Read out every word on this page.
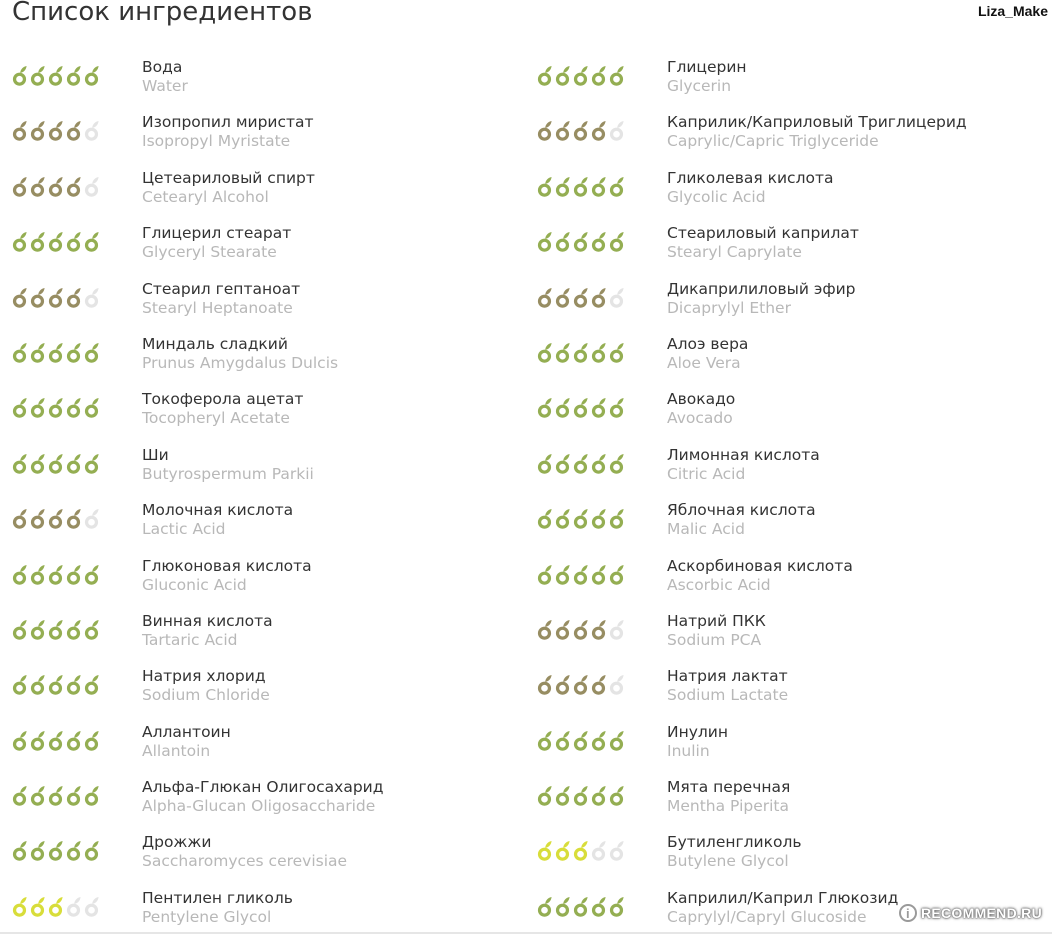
Список ингредиентов	Liza_Make
Вода
Water
Изопропил миристат
Isopropyl Myristate
Цетеариловый спирт
Cetearyl Alcohol
Глицерил стеарат
Glyceryl Stearate
Стеарил гептаноат
Stearyl Heptanoate
Миндаль сладкий
Prunus Amygdalus Dulcis
Токоферола ацетат
Tocopheryl Acetate
Ши
Butyrospermum Parkii
Молочная кислота
Lactic Acid
Глюконовая кислота
Gluconic Acid
Винная кислота
Tartaric Acid
Натрия хлорид
Sodium Chloride
Аллантоин
Allantoin
Альфа-Глюкан Олигосахарид
Alpha-Glucan Oligosaccharide
Дрожжи
Saccharomyces cerevisiae
Пентилен гликоль
Pentylene Glycol
Глицерин
Glycerin
Каприлик/Каприловый Триглицерид
Caprylic/Capric Triglyceride
Гликолевая кислота
Glycolic Acid
Стеариловый каприлат
Stearyl Caprylate
Дикаприлиловый эфир
Dicaprylyl Ether
Алоэ вера
Aloe Vera
Авокадо
Avocado
Лимонная кислота
Citric Acid
Яблочная кислота
Malic Acid
Аскорбиновая кислота
Ascorbic Acid
Натрий ПКК
Sodium PCA
Натрия лактат
Sodium Lactate
Инулин
Inulin
Мята перечная
Mentha Piperita
Бутиленгликоль
Butylene Glycol
Каприлил/Каприл Глюкозид
Caprylyl/Capryl Glucoside	i RECOMMEND.RU
